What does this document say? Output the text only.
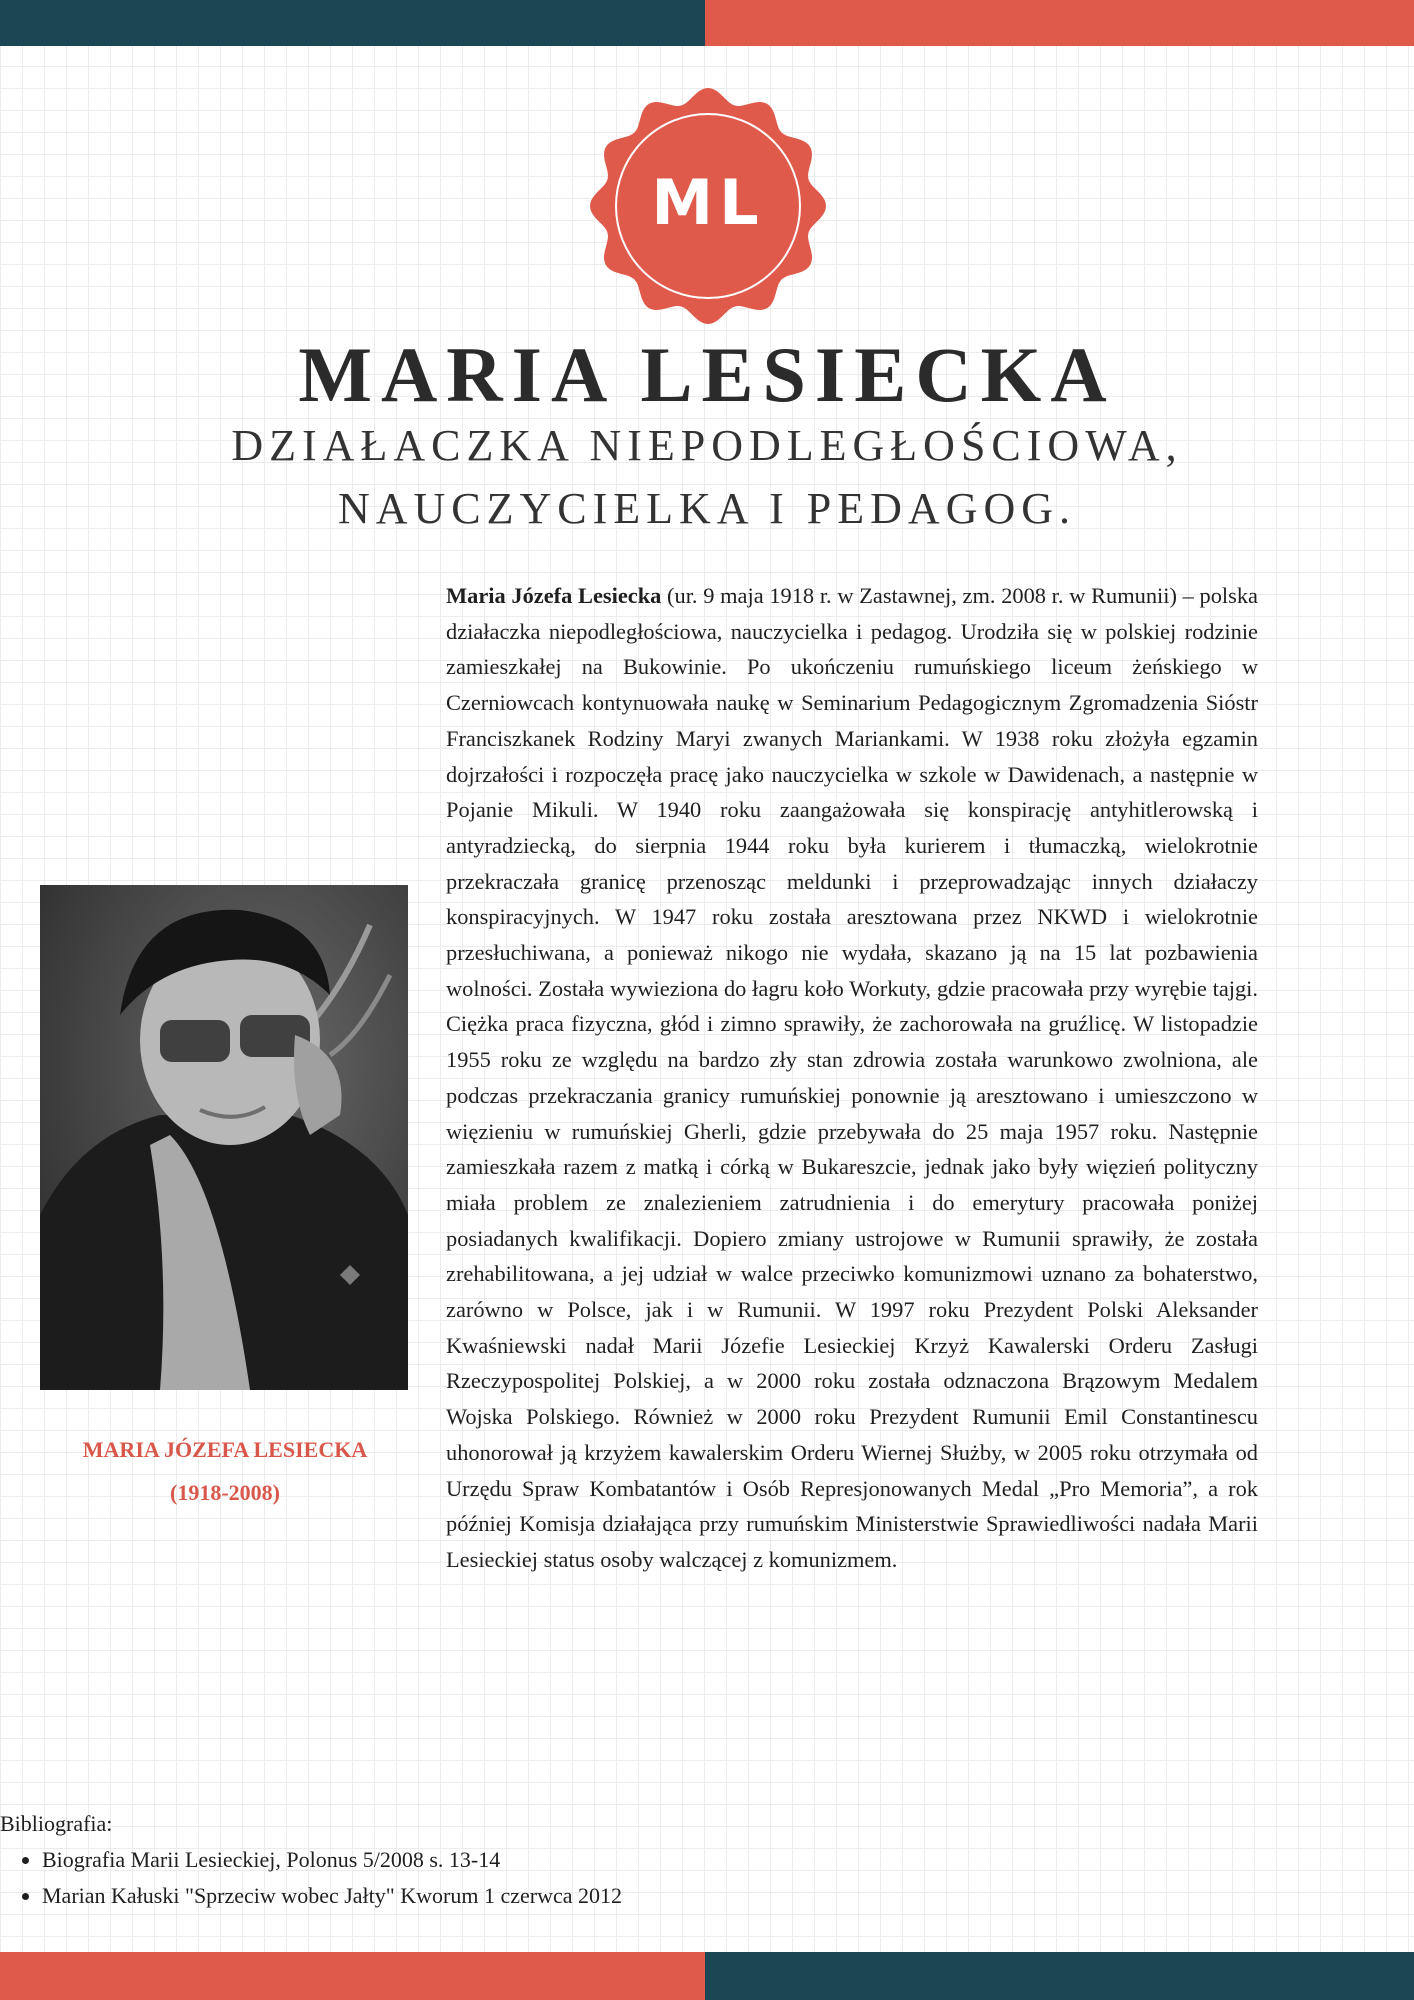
ML
MARIA LESIECKA
DZIAŁACZKA NIEPODLEGŁOŚCIOWA,
NAUCZYCIELKA I PEDAGOG.
MARIA JÓZEFA LESIECKA
(1918-2008)
Maria Józefa Lesiecka (ur. 9 maja 1918 r. w Zastawnej, zm. 2008 r. w Rumunii) – polska działaczka niepodległościowa, nauczycielka i pedagog. Urodziła się w polskiej rodzinie zamieszkałej na Bukowinie. Po ukończeniu rumuńskiego liceum żeńskiego w Czerniowcach kontynuowała naukę w Seminarium Pedagogicznym Zgromadzenia Sióstr Franciszkanek Rodziny Maryi zwanych Mariankami. W 1938 roku złożyła egzamin dojrzałości i rozpoczęła pracę jako nauczycielka w szkole w Dawidenach, a następnie w Pojanie Mikuli. W 1940 roku zaangażowała się konspirację antyhitlerowską i antyradziecką, do sierpnia 1944 roku była kurierem i tłumaczką, wielokrotnie przekraczała granicę przenosząc meldunki i przeprowadzając innych działaczy konspiracyjnych. W 1947 roku została aresztowana przez NKWD i wielokrotnie przesłuchiwana, a ponieważ nikogo nie wydała, skazano ją na 15 lat pozbawienia wolności. Została wywieziona do łagru koło Workuty, gdzie pracowała przy wyrębie tajgi. Ciężka praca fizyczna, głód i zimno sprawiły, że zachorowała na gruźlicę. W listopadzie 1955 roku ze względu na bardzo zły stan zdrowia została warunkowo zwolniona, ale podczas przekraczania granicy rumuńskiej ponownie ją aresztowano i umieszczono w więzieniu w rumuńskiej Gherli, gdzie przebywała do 25 maja 1957 roku. Następnie zamieszkała razem z matką i córką w Bukareszcie, jednak jako były więzień polityczny miała problem ze znalezieniem zatrudnienia i do emerytury pracowała poniżej posiadanych kwalifikacji. Dopiero zmiany ustrojowe w Rumunii sprawiły, że została zrehabilitowana, a jej udział w walce przeciwko komunizmowi uznano za bohaterstwo, zarówno w Polsce, jak i w Rumunii. W 1997 roku Prezydent Polski Aleksander Kwaśniewski nadał Marii Józefie Lesieckiej Krzyż Kawalerski Orderu Zasługi Rzeczypospolitej Polskiej, a w 2000 roku została odznaczona Brązowym Medalem Wojska Polskiego. Również w 2000 roku Prezydent Rumunii Emil Constantinescu uhonorował ją krzyżem kawalerskim Orderu Wiernej Służby, w 2005 roku otrzymała od Urzędu Spraw Kombatantów i Osób Represjonowanych Medal „Pro Memoria”, a rok później Komisja działająca przy rumuńskim Ministerstwie Sprawiedliwości nadała Marii Lesieckiej status osoby walczącej z komunizmem.
Bibliografia:
• Biografia Marii Lesieckiej, Polonus 5/2008 s. 13-14
• Marian Kałuski "Sprzeciw wobec Jałty" Kworum 1 czerwca 2012
